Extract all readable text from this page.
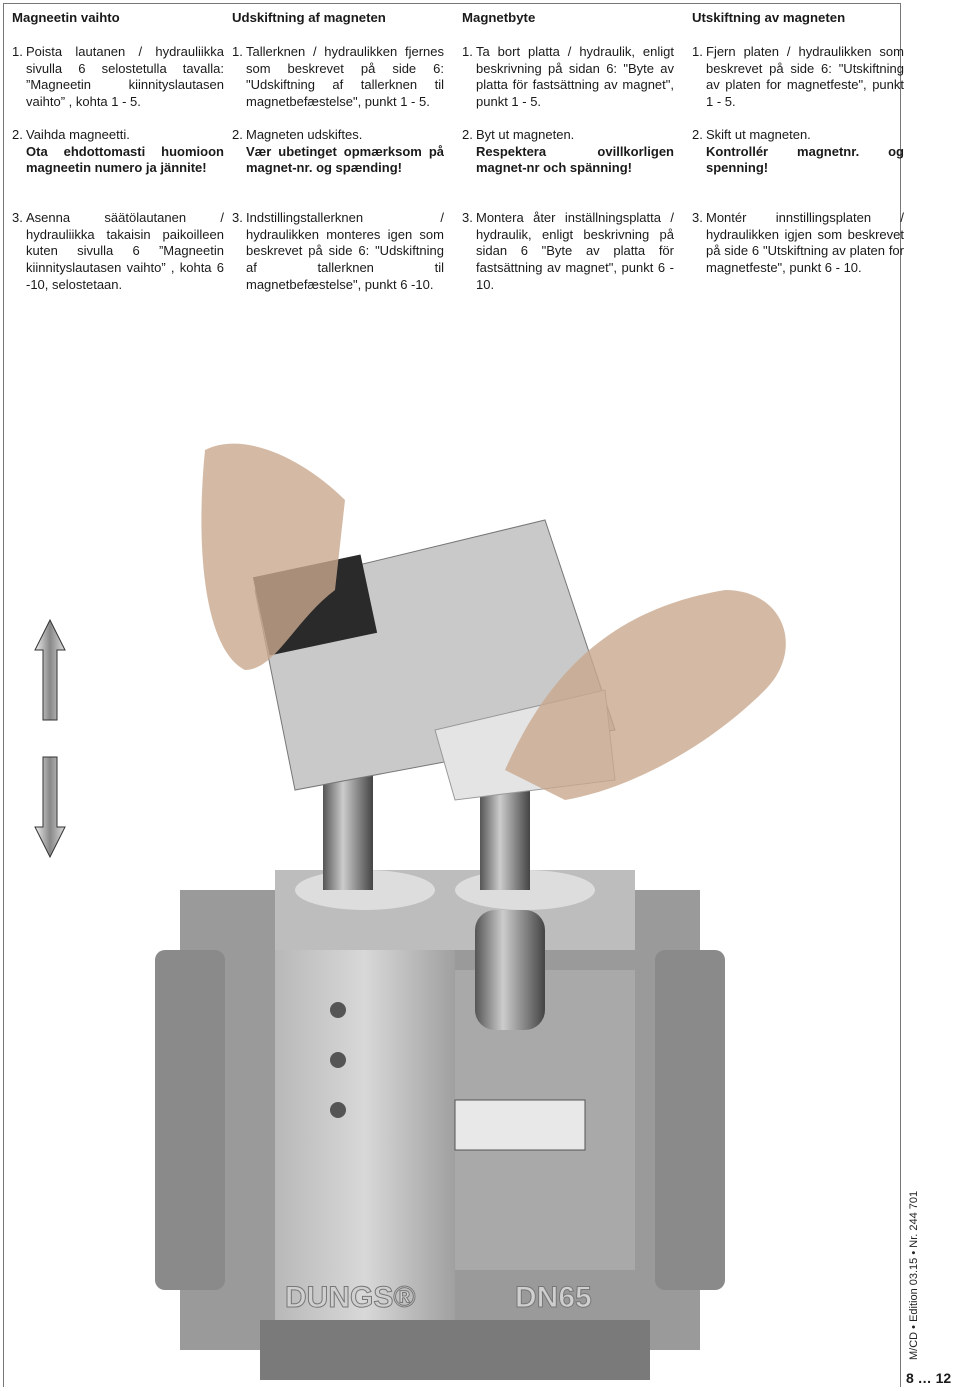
Magneetin vaihto
1. Poista lautanen / hydrauliikka sivulla 6 selostetulla tavalla: ”Magneetin kiinnityslautasen vaihto” , kohta 1 - 5.
2. Vaihda magneetti.
Ota ehdottomasti huomioon magneetin numero ja jännite!
3. Asenna säätölautanen / hydrauliikka takaisin paikoilleen kuten sivulla 6 ”Magneetin kiinnityslautasen vaihto” , kohta 6 -10, selostetaan.
Udskiftning af magneten
1. Tallerknen / hydraulikken fjernes som beskrevet på side 6: "Udskiftning af tallerknen til magnetbefæstelse", punkt 1 - 5.
2. Magneten udskiftes.
Vær ubetinget opmærksom på magnet-nr. og spænding!
3. Indstillingstallerknen / hydraulikken monteres igen som beskrevet på side 6: "Udskiftning af tallerknen til magnetbefæstelse", punkt 6 -10.
Magnetbyte
1. Ta bort platta / hydraulik, enligt beskrivning på sidan 6: "Byte av platta för fastsättning av magnet", punkt 1 - 5.
2. Byt ut magneten.
Respektera ovillkorligen magnet-nr och spänning!
3. Montera åter inställningsplatta / hydraulik, enligt beskrivning på sidan 6 "Byte av platta för fastsättning av magnet", punkt 6 - 10.
Utskiftning av magneten
1. Fjern platen / hydraulikken som beskrevet på side 6: "Utskiftning av platen for magnetfeste", punkt 1 - 5.
2. Skift ut magneten.
Kontrollér magnetnr. og spenning!
3. Montér innstillingsplaten / hydraulikken igjen som beskrevet på side 6 "Utskiftning av platen for magnetfeste", punkt 6 - 10.
DUNGS®	DN65	M/CD • Edition 03.15 • Nr. 244 701
8 … 12
